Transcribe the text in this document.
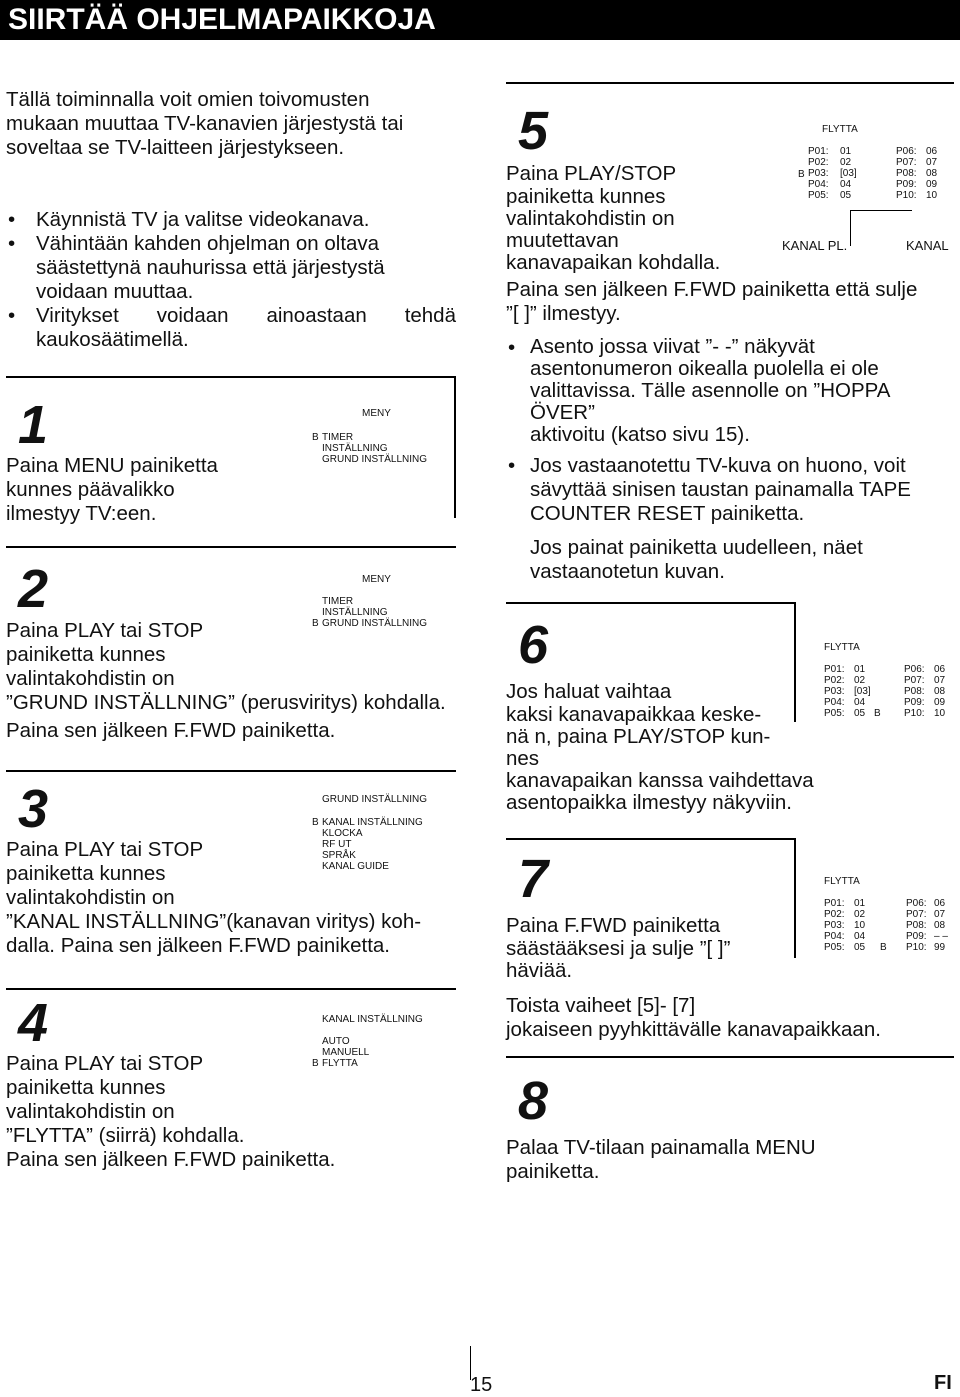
SIIRTÄÄ OHJELMAPAIKKOJA
Tällä toiminnalla voit omien toivomusten
mukaan muuttaa TV-kanavien järjestystä tai
soveltaa se TV-laitteen järjestykseen.
• Käynnistä TV ja valitse videokanava.
• Vähintään kahden ohjelman on oltava
säästettynä nauhurissa että järjestystä
voidaan muuttaa.
• Viritykset voidaan ainoastaan tehdä
kaukosäätimellä.
1
Paina MENU painiketta
kunnes päävalikko
ilmestyy TV:een.
MENY
B TIMER
INSTÄLLNING
GRUND INSTÄLLNING
2
Paina PLAY tai STOP
painiketta kunnes
valintakohdistin on
”GRUND INSTÄLLNING” (perusviritys) kohdalla.
Paina sen jälkeen F.FWD painiketta.
MENY
TIMER
INSTÄLLNING
B GRUND INSTÄLLNING
3
Paina PLAY tai STOP
painiketta kunnes
valintakohdistin on
”KANAL INSTÄLLNING”(kanavan viritys) koh-
dalla. Paina sen jälkeen F.FWD painiketta.
GRUND INSTÄLLNING
B KANAL INSTÄLLNING
KLOCKA
RF UT
SPRÅK
KANAL GUIDE
4
Paina PLAY tai STOP
painiketta kunnes
valintakohdistin on
”FLYTTA” (siirrä) kohdalla.
Paina sen jälkeen F.FWD painiketta.
KANAL INSTÄLLNING
AUTO
MANUELL
B FLYTTA
5
Paina PLAY/STOP
painiketta kunnes
valintakohdistin on
muutettavan
kanavapaikan kohdalla.
Paina sen jälkeen F.FWD painiketta että sulje
”[ ]” ilmestyy.
FLYTTA
B
P01:	01	P06:	06
P02:	02	P07:	07
P03:	[03]	P08:	08
P04:	04	P09:	09
P05:	05	P10:	10
KANAL PL.	KANAL
• Asento jossa viivat ”- -” näkyvät
asentonumeron oikealla puolella ei ole
valittavissa. Tälle asennolle on ”HOPPA
ÖVER”
aktivoitu (katso sivu 15).
• Jos vastaanotettu TV-kuva on huono, voit
sävyttää sinisen taustan painamalla TAPE
COUNTER RESET painiketta.
Jos painat painiketta uudelleen, näet
vastaanotetun kuvan.
6
Jos haluat vaihtaa
kaksi kanavapaikkaa keske-
nä n, paina PLAY/STOP kun-
nes
kanavapaikan kanssa vaihdettava
asentopaikka ilmestyy näkyviin.
FLYTTA
P01:	01	P06:	06
P02:	02	P07:	07
P03:	[03]	P08:	08
P04:	04	P09:	09
P05:	05	P10:	10
B
7
Paina F.FWD painiketta
säästääksesi ja sulje ”[ ]”
häviää.
Toista vaiheet [5]- [7]
jokaiseen pyyhkittävälle kanavapaikkaan.
FLYTTA
P01:	01	P06:	06
P02:	02	P07:	07
P03:	10	P08:	08
P04:	04	P09:	– –
P05:	05	P10:	99
B
8
Palaa TV-tilaan painamalla MENU
painiketta.
15	FI
